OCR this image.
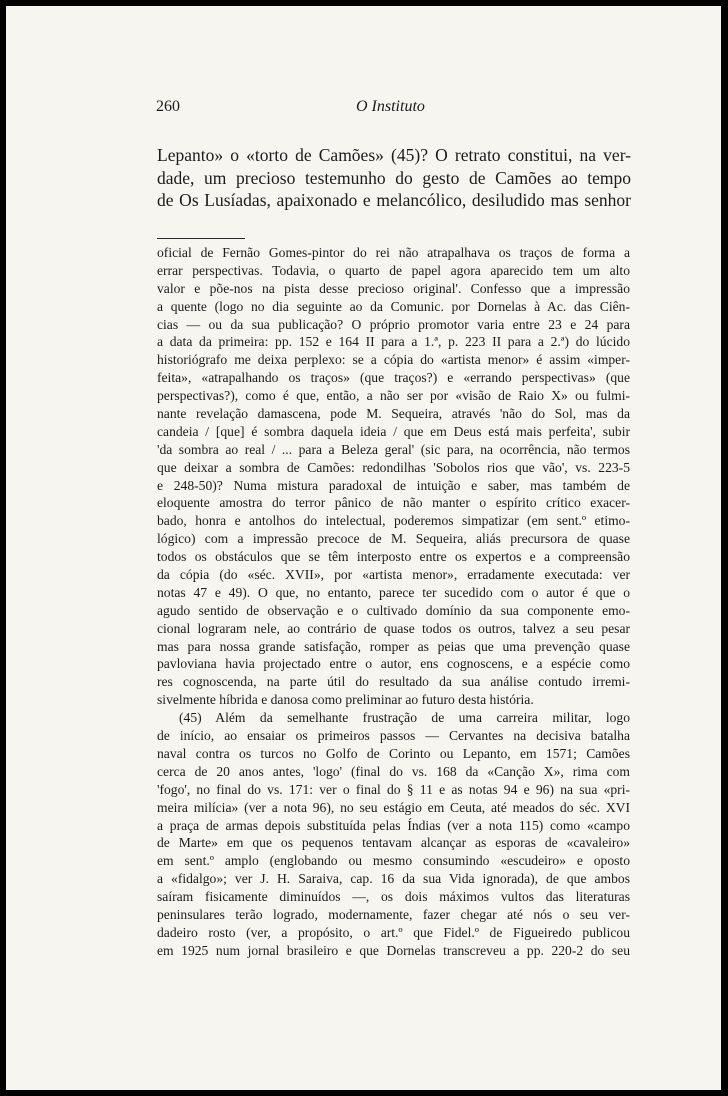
260	O Instituto
Lepanto» o «torto de Camões» (45)? O retrato constitui, na ver-
dade, um precioso testemunho do gesto de Camões ao tempo
de Os Lusíadas, apaixonado e melancólico, desiludido mas senhor
oficial de Fernão Gomes-pintor do rei não atrapalhava os traços de forma a
errar perspectivas. Todavia, o quarto de papel agora aparecido tem um alto
valor e põe-nos na pista desse precioso original'. Confesso que a impressão
a quente (logo no dia seguinte ao da Comunic. por Dornelas à Ac. das Ciên-
cias — ou da sua publicação? O próprio promotor varia entre 23 e 24 para
a data da primeira: pp. 152 e 164 II para a 1.ª, p. 223 II para a 2.ª) do lúcido
historiógrafo me deixa perplexo: se a cópia do «artista menor» é assim «imper-
feita», «atrapalhando os traços» (que traços?) e «errando perspectivas» (que
perspectivas?), como é que, então, a não ser por «visão de Raio X» ou fulmi-
nante revelação damascena, pode M. Sequeira, através 'não do Sol, mas da
candeia / [que] é sombra daquela ideia / que em Deus está mais perfeita', subir
'da sombra ao real / ... para a Beleza geral' (sic para, na ocorrência, não termos
que deixar a sombra de Camões: redondilhas 'Sobolos rios que vão', vs. 223-5
e 248-50)? Numa mistura paradoxal de intuição e saber, mas também de
eloquente amostra do terror pânico de não manter o espírito crítico exacer-
bado, honra e antolhos do intelectual, poderemos simpatizar (em sent.º etimo-
lógico) com a impressão precoce de M. Sequeira, aliás precursora de quase
todos os obstáculos que se têm interposto entre os expertos e a compreensão
da cópia (do «séc. XVII», por «artista menor», erradamente executada: ver
notas 47 e 49). O que, no entanto, parece ter sucedido com o autor é que o
agudo sentido de observação e o cultivado domínio da sua componente emo-
cional lograram nele, ao contrário de quase todos os outros, talvez a seu pesar
mas para nossa grande satisfação, romper as peias que uma prevenção quase
pavloviana havia projectado entre o autor, ens cognoscens, e a espécie como
res cognoscenda, na parte útil do resultado da sua análise contudo irremi-
sivelmente híbrida e danosa como preliminar ao futuro desta história.
(45) Além da semelhante frustração de uma carreira militar, logo
de início, ao ensaiar os primeiros passos — Cervantes na decisiva batalha
naval contra os turcos no Golfo de Corinto ou Lepanto, em 1571; Camões
cerca de 20 anos antes, 'logo' (final do vs. 168 da «Canção X», rima com
'fogo', no final do vs. 171: ver o final do § 11 e as notas 94 e 96) na sua «pri-
meira milícia» (ver a nota 96), no seu estágio em Ceuta, até meados do séc. XVI
a praça de armas depois substituída pelas Índias (ver a nota 115) como «campo
de Marte» em que os pequenos tentavam alcançar as esporas de «cavaleiro»
em sent.º amplo (englobando ou mesmo consumindo «escudeiro» e oposto
a «fidalgo»; ver J. H. Saraiva, cap. 16 da sua Vida ignorada), de que ambos
saíram fisicamente diminuídos —, os dois máximos vultos das literaturas
peninsulares terão logrado, modernamente, fazer chegar até nós o seu ver-
dadeiro rosto (ver, a propósito, o art.º que Fidel.º de Figueiredo publicou
em 1925 num jornal brasileiro e que Dornelas transcreveu a pp. 220-2 do seu
